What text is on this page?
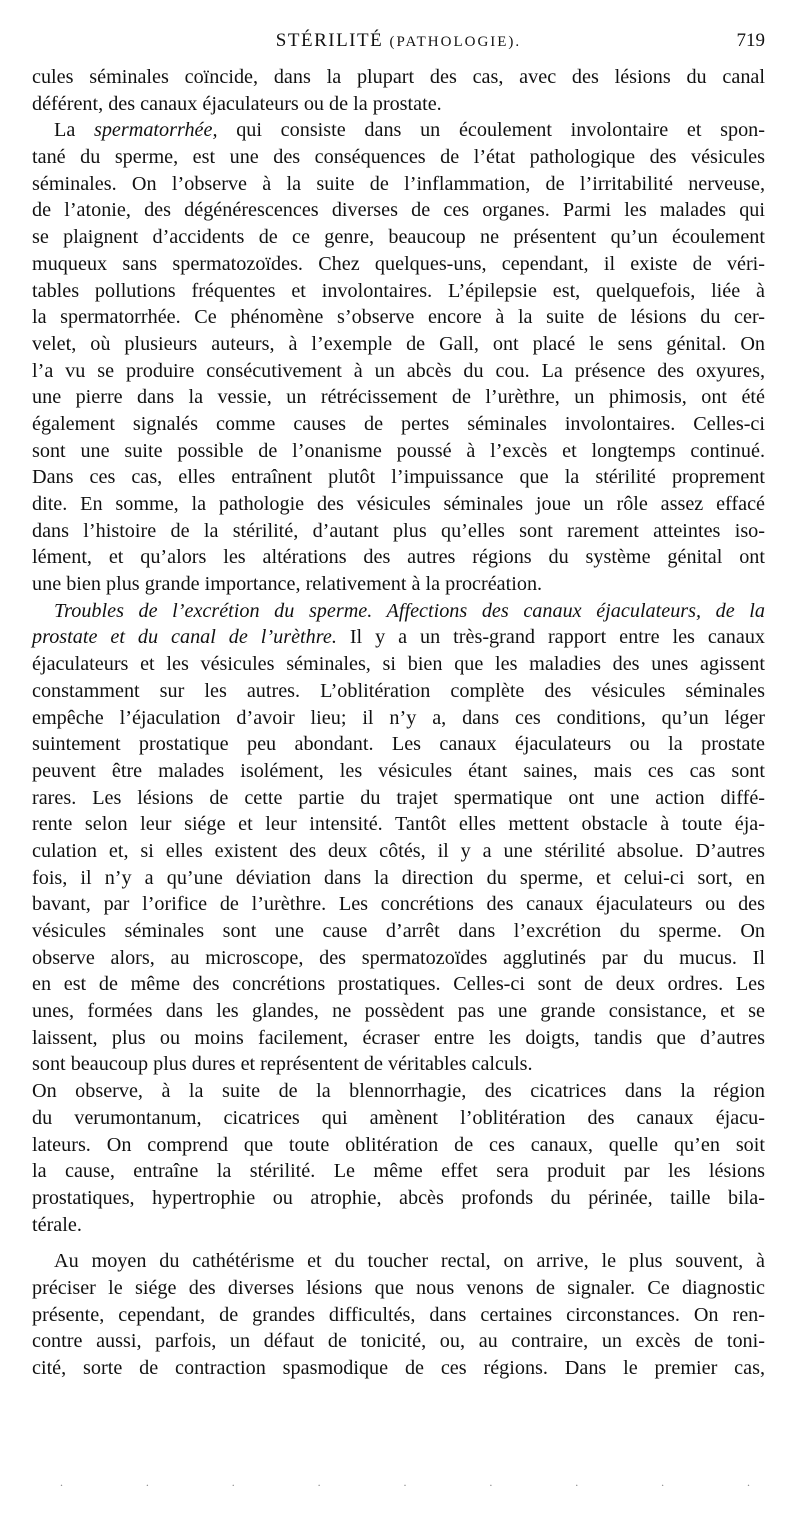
STÉRILITÉ (PATHOLOGIE).	719
cules séminales coïncide, dans la plupart des cas, avec des lésions du canal
déférent, des canaux éjaculateurs ou de la prostate.
La spermatorrhée, qui consiste dans un écoulement involontaire et spon-
tané du sperme, est une des conséquences de l’état pathologique des vésicules
séminales. On l’observe à la suite de l’inflammation, de l’irritabilité nerveuse,
de l’atonie, des dégénérescences diverses de ces organes. Parmi les malades qui
se plaignent d’accidents de ce genre, beaucoup ne présentent qu’un écoulement
muqueux sans spermatozoïdes. Chez quelques-uns, cependant, il existe de véri-
tables pollutions fréquentes et involontaires. L’épilepsie est, quelquefois, liée à
la spermatorrhée. Ce phénomène s’observe encore à la suite de lésions du cer-
velet, où plusieurs auteurs, à l’exemple de Gall, ont placé le sens génital. On
l’a vu se produire consécutivement à un abcès du cou. La présence des oxyures,
une pierre dans la vessie, un rétrécissement de l’urèthre, un phimosis, ont été
également signalés comme causes de pertes séminales involontaires. Celles-ci
sont une suite possible de l’onanisme poussé à l’excès et longtemps continué.
Dans ces cas, elles entraînent plutôt l’impuissance que la stérilité proprement
dite. En somme, la pathologie des vésicules séminales joue un rôle assez effacé
dans l’histoire de la stérilité, d’autant plus qu’elles sont rarement atteintes iso-
lément, et qu’alors les altérations des autres régions du système génital ont
une bien plus grande importance, relativement à la procréation.
Troubles de l’excrétion du sperme. Affections des canaux éjaculateurs, de la
prostate et du canal de l’urèthre. Il y a un très-grand rapport entre les canaux
éjaculateurs et les vésicules séminales, si bien que les maladies des unes agissent
constamment sur les autres. L’oblitération complète des vésicules séminales
empêche l’éjaculation d’avoir lieu; il n’y a, dans ces conditions, qu’un léger
suintement prostatique peu abondant. Les canaux éjaculateurs ou la prostate
peuvent être malades isolément, les vésicules étant saines, mais ces cas sont
rares. Les lésions de cette partie du trajet spermatique ont une action diffé-
rente selon leur siége et leur intensité. Tantôt elles mettent obstacle à toute éja-
culation et, si elles existent des deux côtés, il y a une stérilité absolue. D’autres
fois, il n’y a qu’une déviation dans la direction du sperme, et celui-ci sort, en
bavant, par l’orifice de l’urèthre. Les concrétions des canaux éjaculateurs ou des
vésicules séminales sont une cause d’arrêt dans l’excrétion du sperme. On
observe alors, au microscope, des spermatozoïdes agglutinés par du mucus. Il
en est de même des concrétions prostatiques. Celles-ci sont de deux ordres. Les
unes, formées dans les glandes, ne possèdent pas une grande consistance, et se
laissent, plus ou moins facilement, écraser entre les doigts, tandis que d’autres
sont beaucoup plus dures et représentent de véritables calculs.
On observe, à la suite de la blennorrhagie, des cicatrices dans la région
du verumontanum, cicatrices qui amènent l’oblitération des canaux éjacu-
lateurs. On comprend que toute oblitération de ces canaux, quelle qu’en soit
la cause, entraîne la stérilité. Le même effet sera produit par les lésions
prostatiques, hypertrophie ou atrophie, abcès profonds du périnée, taille bila-
térale.
Au moyen du cathétérisme et du toucher rectal, on arrive, le plus souvent, à
préciser le siége des diverses lésions que nous venons de signaler. Ce diagnostic
présente, cependant, de grandes difficultés, dans certaines circonstances. On ren-
contre aussi, parfois, un défaut de tonicité, ou, au contraire, un excès de toni-
cité, sorte de contraction spasmodique de ces régions. Dans le premier cas,
.	.	.	.	.	.	.	.	.
